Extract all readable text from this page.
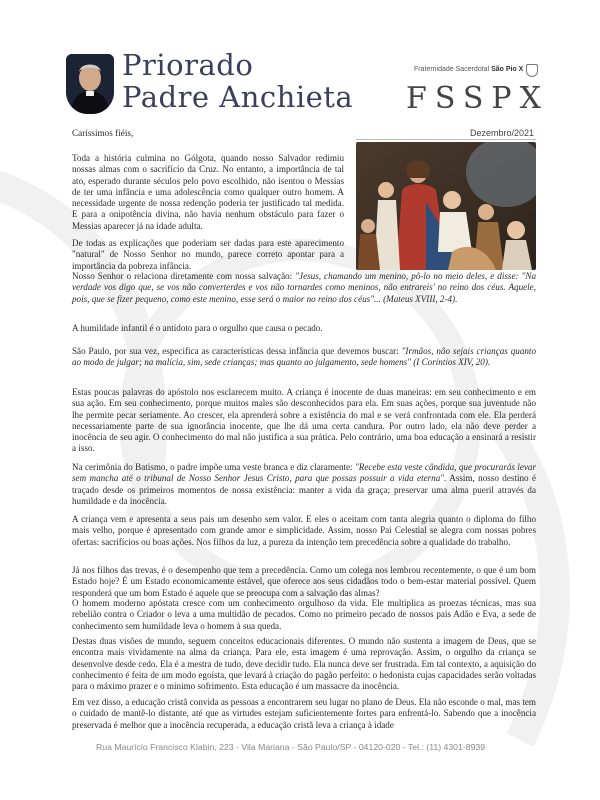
Priorado
Padre Anchieta
Fraternidade Sacerdotal São Pio X
FSSPX
Dezembro/2021
Caríssimos fiéis,

Toda a história culmina no Gólgota, quando nosso Salvador redimiu nossas almas com o sacrifício da Cruz. No entanto, a importância de tal ato, esperado durante séculos pelo povo escolhido, não isentou o Messias de ter uma infância e uma adolescência como qualquer outro homem. A necessidade urgente de nossa redenção poderia ter justificado tal medida. E para a onipotência divina, não havia nenhum obstáculo para fazer o Messias aparecer já na idade adulta.

De todas as explicações que poderiam ser dadas para este aparecimento "natural" de Nosso Senhor no mundo, parece correto apontar para a importância da pobreza infância.

Nosso Senhor o relaciona diretamente com nossa salvação: "Jesus, chamando um menino, pô-lo no meio deles, e disse: "Na verdade vos digo que, se vos não converterdes e vos não tornardes como meninos, não entrareis' no reino dos céus. Aquele, pois, que se fizer pequeno, como este menino, esse será o maior no reino dos céus"... (Mateus XVIII, 2-4).

A humildade infantil é o antídoto para o orgulho que causa o pecado.

São Paulo, por sua vez, especifica as características dessa infância que devemos buscar: "Irmãos, não sejais crianças quanto ao modo de julgar; na malícia, sim, sede crianças; mas quanto ao julgamento, sede homens" (I Coríntios XIV, 20).

Estas poucas palavras do apóstolo nos esclarecem muito. A criança é inocente de duas maneiras: em seu conhecimento e em sua ação. Em seu conhecimento, porque muitos males são desconhecidos para ela. Em suas ações, porque sua juventude não lhe permite pecar seriamente. Ao crescer, ela aprenderá sobre a existência do mal e se verá confrontada com ele. Ela perderá necessariamente parte de sua ignorância inocente, que lhe dá uma certa candura. Por outro lado, ela não deve perder a inocência de seu agir. O conhecimento do mal não justifica a sua prática. Pelo contrário, uma boa educação a ensinará a resistir a isso.

Na cerimônia do Batismo, o padre impõe uma veste branca e diz claramente: "Recebe esta veste cândida, que procurarás levar sem mancha até o tribunal de Nosso Senhor Jesus Cristo, para que possas possuir a vida eterna". Assim, nosso destino é traçado desde os primeiros momentos de nossa existência: manter a vida da graça; preservar uma alma pueril através da humildade e da inocência.

A criança vem e apresenta a seus pais um desenho sem valor. E eles o aceitam com tanta alegria quanto o diploma do filho mais velho, porque é apresentado com grande amor e simplicidade. Assim, nosso Pai Celestial se alegra com nossas pobres ofertas: sacrifícios ou boas ações. Nos filhos da luz, a pureza da intenção tem precedência sobre a qualidade do trabalho.

Já nos filhos das trevas, é o desempenho que tem a precedência. Como um colega nos lembrou recentemente, o que é um bom Estado hoje? É um Estado economicamente estável, que oferece aos seus cidadãos todo o bem-estar material possível. Quem responderá que um bom Estado é aquele que se preocupa com a salvação das almas?

O homem moderno apóstata cresce com um conhecimento orgulhoso da vida. Ele multiplica as proezas técnicas, mas sua rebelião contra o Criador o leva a uma multidão de pecados. Como no primeiro pecado de nossos pais Adão e Eva, a sede de conhecimento sem humildade leva o homem à sua queda.

Destas duas visões de mundo, seguem conceitos educacionais diferentes. O mundo não sustenta a imagem de Deus, que se encontra mais vividamente na alma da criança. Para ele, esta imagem é uma reprovação. Assim, o orgulho da criança se desenvolve desde cedo. Ela é a mestra de tudo, deve decidir tudo. Ela nunca deve ser frustrada. Em tal contexto, a aquisição do conhecimento é feita de um modo egoísta, que levará à criação do pagão perfeito: o hedonista cujas capacidades serão voltadas para o máximo prazer e o mínimo sofrimento. Esta educação é um massacre da inocência.

Em vez disso, a educação cristã convida as pessoas a encontrarem seu lugar no plano de Deus. Ela não esconde o mal, mas tem o cuidado de mantê-lo distante, até que as virtudes estejam suficientemente fortes para enfrentá-lo. Sabendo que a inocência preservada é melhor que a inocência recuperada, a educação cristã leva a criança à idade

Rua Maurício Francisco Klabin, 223 - Vila Mariana - São Paulo/SP - 04120-020 - Tel.: (11) 4301-8939
